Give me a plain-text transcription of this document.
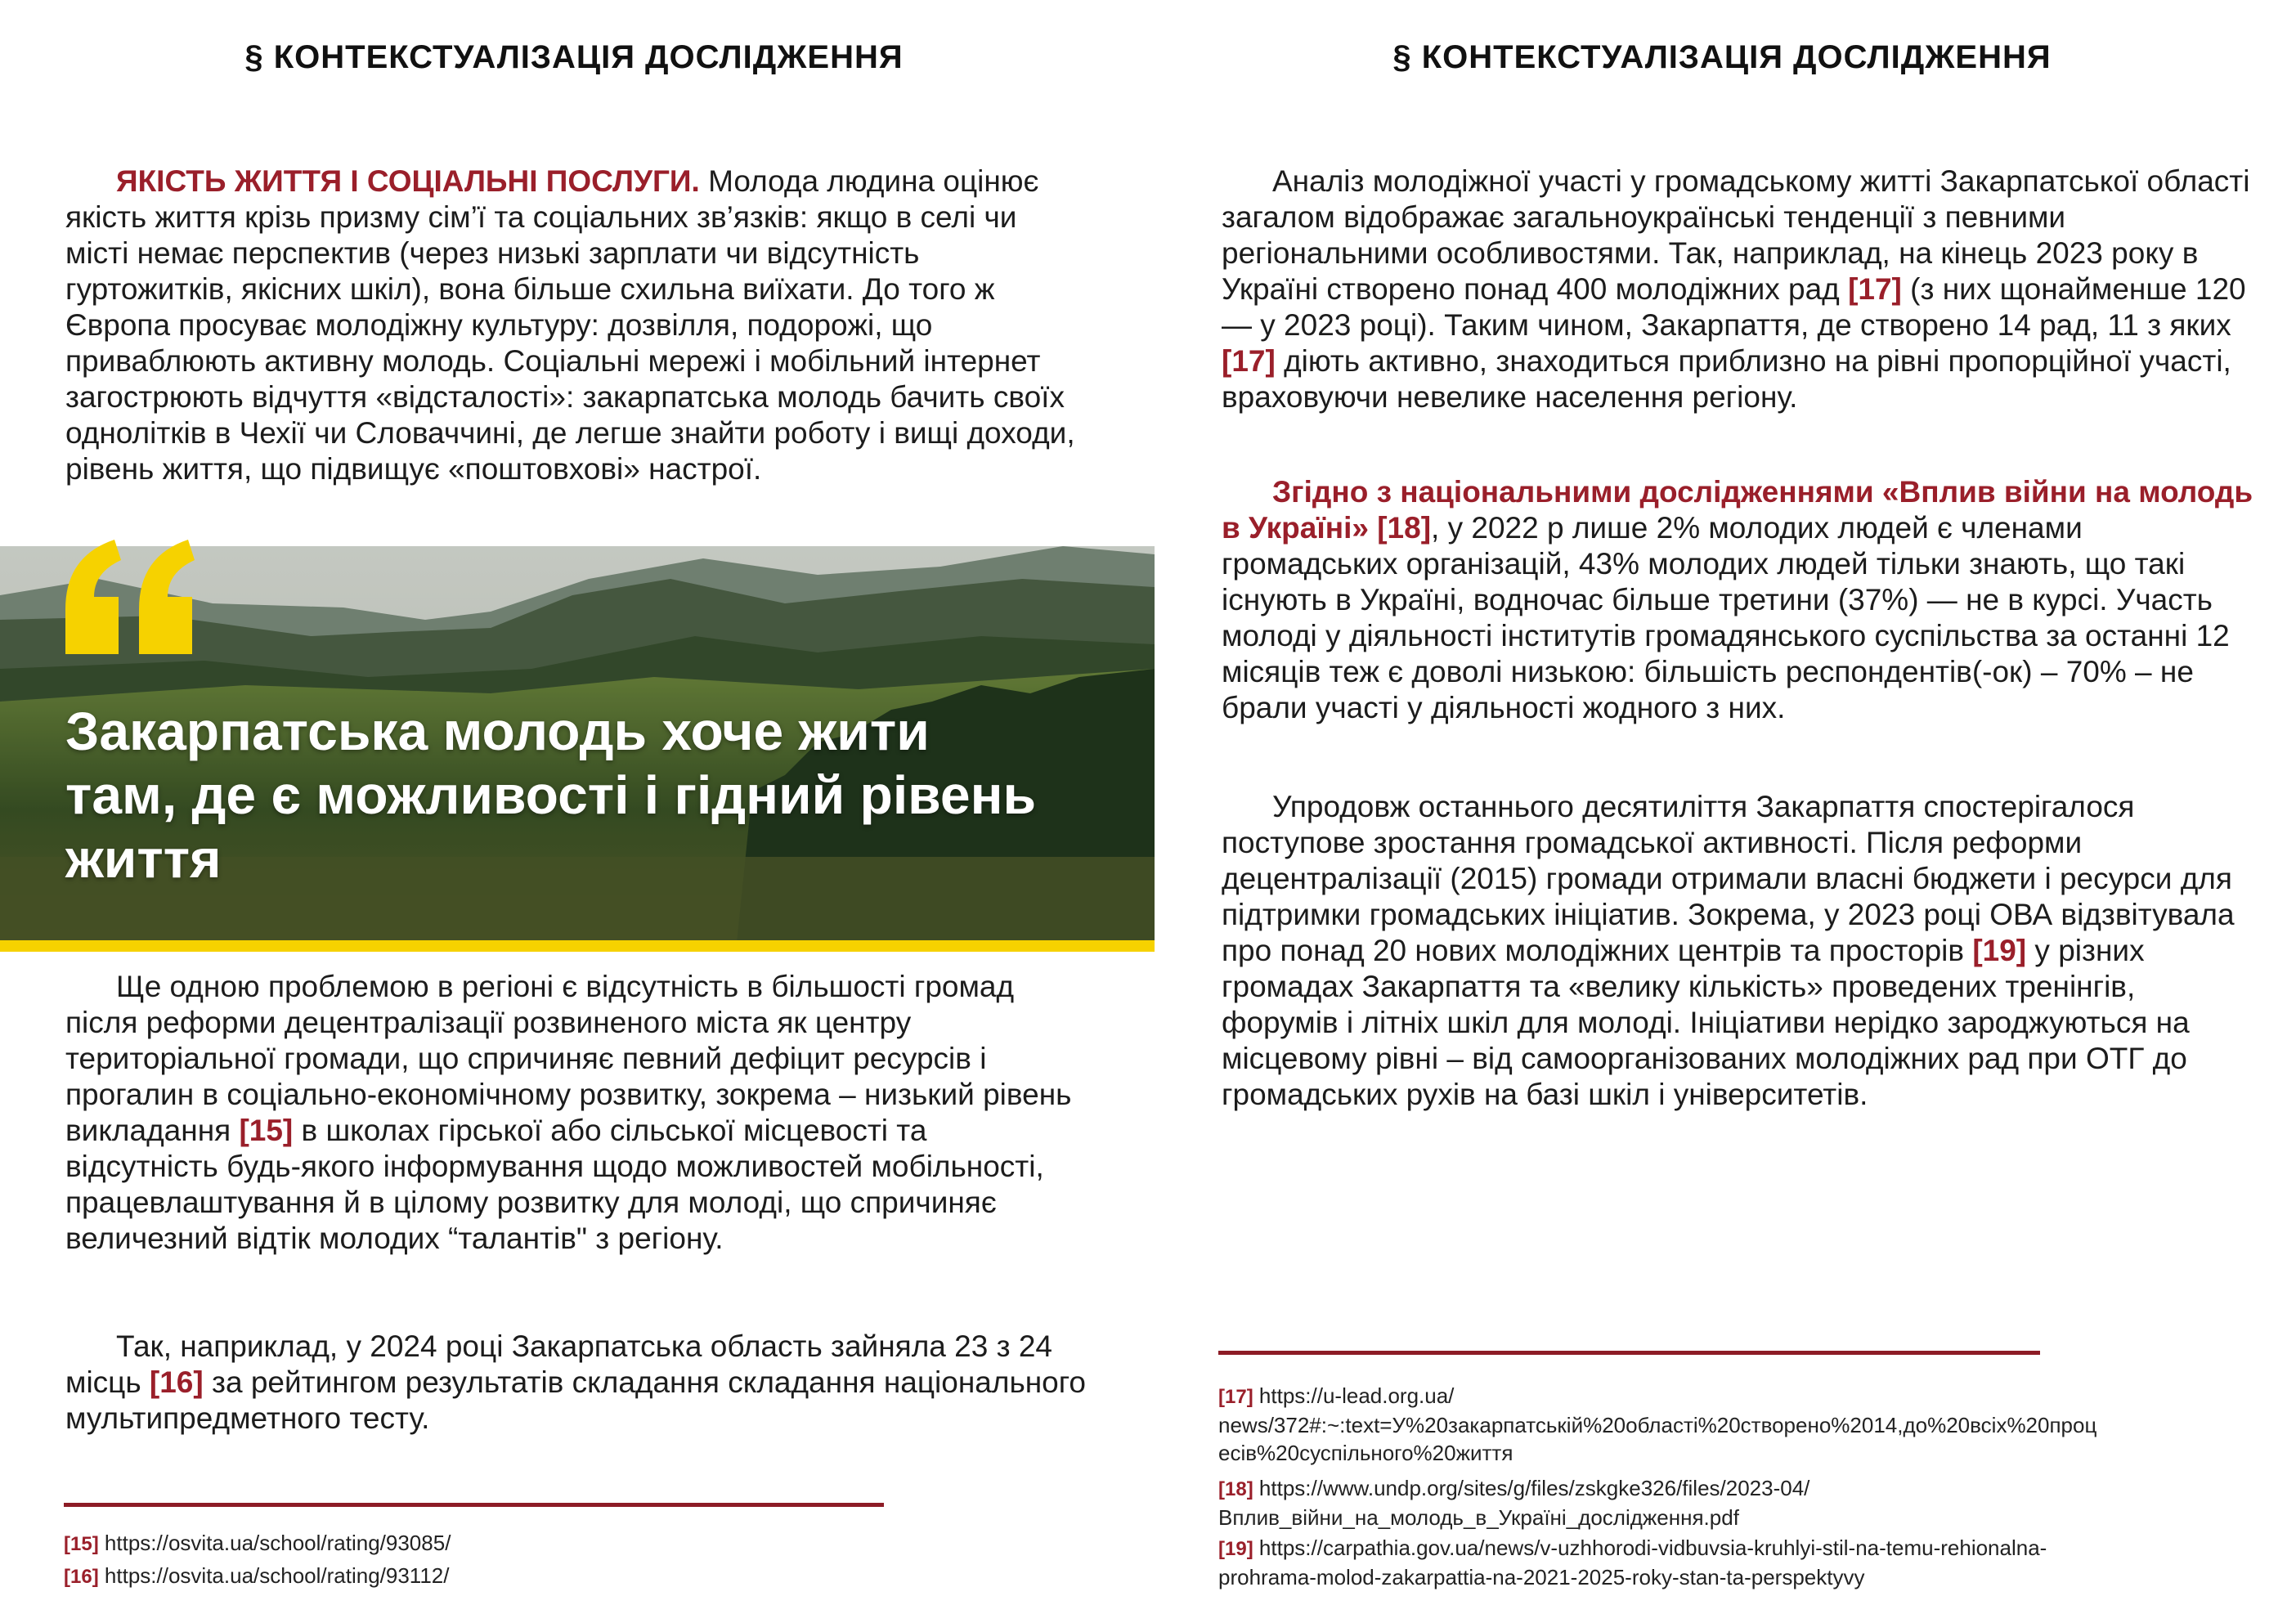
§ КОНТЕКСТУАЛІЗАЦІЯ ДОСЛІДЖЕННЯ

ЯКІСТЬ ЖИТТЯ І СОЦІАЛЬНІ ПОСЛУГИ. Молода людина оцінює якість життя крізь призму сім’ї та соціальних зв’язків: якщо в селі чи місті немає перспектив (через низькі зарплати чи відсутність гуртожитків, якісних шкіл), вона більше схильна виїхати. До того ж Європа просуває молодіжну культуру: дозвілля, подорожі, що приваблюють активну молодь. Соціальні мережі і мобільний інтернет загострюють відчуття «відсталості»: закарпатська молодь бачить своїх однолітків в Чехії чи Словаччині, де легше знайти роботу і вищі доходи, рівень життя, що підвищує «поштовхові» настрої.

Закарпатська молодь хоче жити там, де є можливості і гідний рівень життя

Ще одною проблемою в регіоні є відсутність в більшості громад після реформи децентралізації розвиненого міста як центру територіальної громади, що спричиняє певний дефіцит ресурсів і прогалин в соціально-економічному розвитку, зокрема – низький рівень викладання [15] в школах гірської або сільської місцевості та відсутність будь-якого інформування щодо можливостей мобільності, працевлаштування й в цілому розвитку для молоді, що спричиняє величезний відтік молодих “талантів" з регіону.

Так, наприклад, у 2024 році Закарпатська область зайняла 23 з 24 місць [16] за рейтингом результатів складання складання національного мультипредметного тесту.

[15] https://osvita.ua/school/rating/93085/
[16] https://osvita.ua/school/rating/93112/
§ КОНТЕКСТУАЛІЗАЦІЯ ДОСЛІДЖЕННЯ

Аналіз молодіжної участі у громадському житті Закарпатської області загалом відображає загальноукраїнські тенденції з певними регіональними особливостями. Так, наприклад, на кінець 2023 року в Україні створено понад 400 молодіжних рад [17] (з них щонайменше 120 — у 2023 році). Таким чином, Закарпаття, де створено 14 рад, 11 з яких [17] діють активно, знаходиться приблизно на рівні пропорційної участі, враховуючи невелике населення регіону.

Згідно з національними дослідженнями «Вплив війни на молодь в Україні» [18], у 2022 р лише 2% молодих людей є членами громадських організацій, 43% молодих людей тільки знають, що такі існують в Україні, водночас більше третини (37%) — не в курсі. Участь молоді у діяльності інститутів громадянського суспільства за останні 12 місяців теж є доволі низькою: більшість респондентів(-ок) – 70% – не брали участі у діяльності жодного з них.

Упродовж останнього десятиліття Закарпаття спостерігалося поступове зростання громадської активності. Після реформи децентралізації (2015) громади отримали власні бюджети і ресурси для підтримки громадських ініціатив. Зокрема, у 2023 році ОВА відзвітувала про понад 20 нових молодіжних центрів та просторів [19] у різних громадах Закарпаття та «велику кількість» проведених тренінгів, форумів і літніх шкіл для молоді. Ініціативи нерідко зароджуються на місцевому рівні – від самоорганізованих молодіжних рад при ОТГ до громадських рухів на базі шкіл і університетів.

[17] https://u-lead.org.ua/
news/372#:~:text=У%20закарпатській%20області%20створено%2014,до%20всіх%20проц
есів%20суспільного%20життя
[18] https://www.undp.org/sites/g/files/zskgke326/files/2023-04/
Вплив_війни_на_молодь_в_Україні_дослідження.pdf
[19] https://carpathia.gov.ua/news/v-uzhhorodi-vidbuvsia-kruhlyi-stil-na-temu-rehionalna-
prohrama-molod-zakarpattia-na-2021-2025-roky-stan-ta-perspektyvy
